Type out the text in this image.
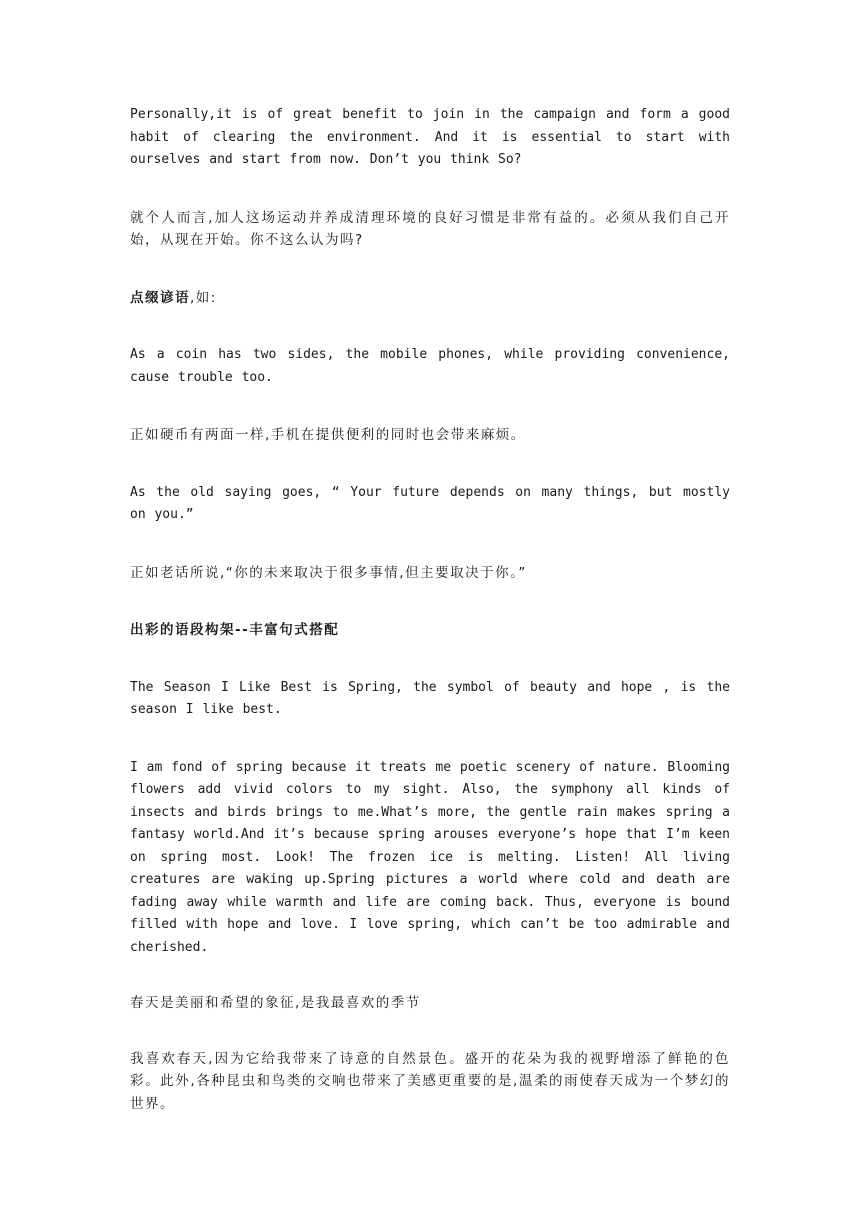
Personally,it is of great benefit to join in the campaign and form a good habit of clearing the environment. And it is essential to start with ourselves and start from now. Don’t you think So?

就个人而言,加人这场运动并养成清理环境的良好习惯是非常有益的。必须从我们自己开始，从现在开始。你不这么认为吗?

点缀谚语,如:

As a coin has two sides, the mobile phones, while providing convenience, cause trouble too.

正如硬币有两面一样,手机在提供便利的同时也会带来麻烦。

As the old saying goes, “ Your future depends on many things, but mostly on you.”

正如老话所说,“你的未来取决于很多事情,但主要取决于你。”

出彩的语段构架--丰富句式搭配

The Season I Like Best is Spring, the symbol of beauty and hope , is the season I like best.

I am fond of spring because it treats me poetic scenery of nature. Blooming flowers add vivid colors to my sight. Also, the symphony all kinds of insects and birds brings to me.What’s more, the gentle rain makes spring a fantasy world.And it’s because spring arouses everyone’s hope that I’m keen on spring most. Look! The frozen ice is melting. Listen! All living creatures are waking up.Spring pictures a world where cold and death are fading away while warmth and life are coming back. Thus, everyone is bound filled with hope and love. I love spring, which can’t be too admirable and cherished.

春天是美丽和希望的象征,是我最喜欢的季节

我喜欢春天,因为它给我带来了诗意的自然景色。盛开的花朵为我的视野增添了鲜艳的色彩。此外,各种昆虫和鸟类的交响也带来了美感更重要的是,温柔的雨使春天成为一个梦幻的世界。
